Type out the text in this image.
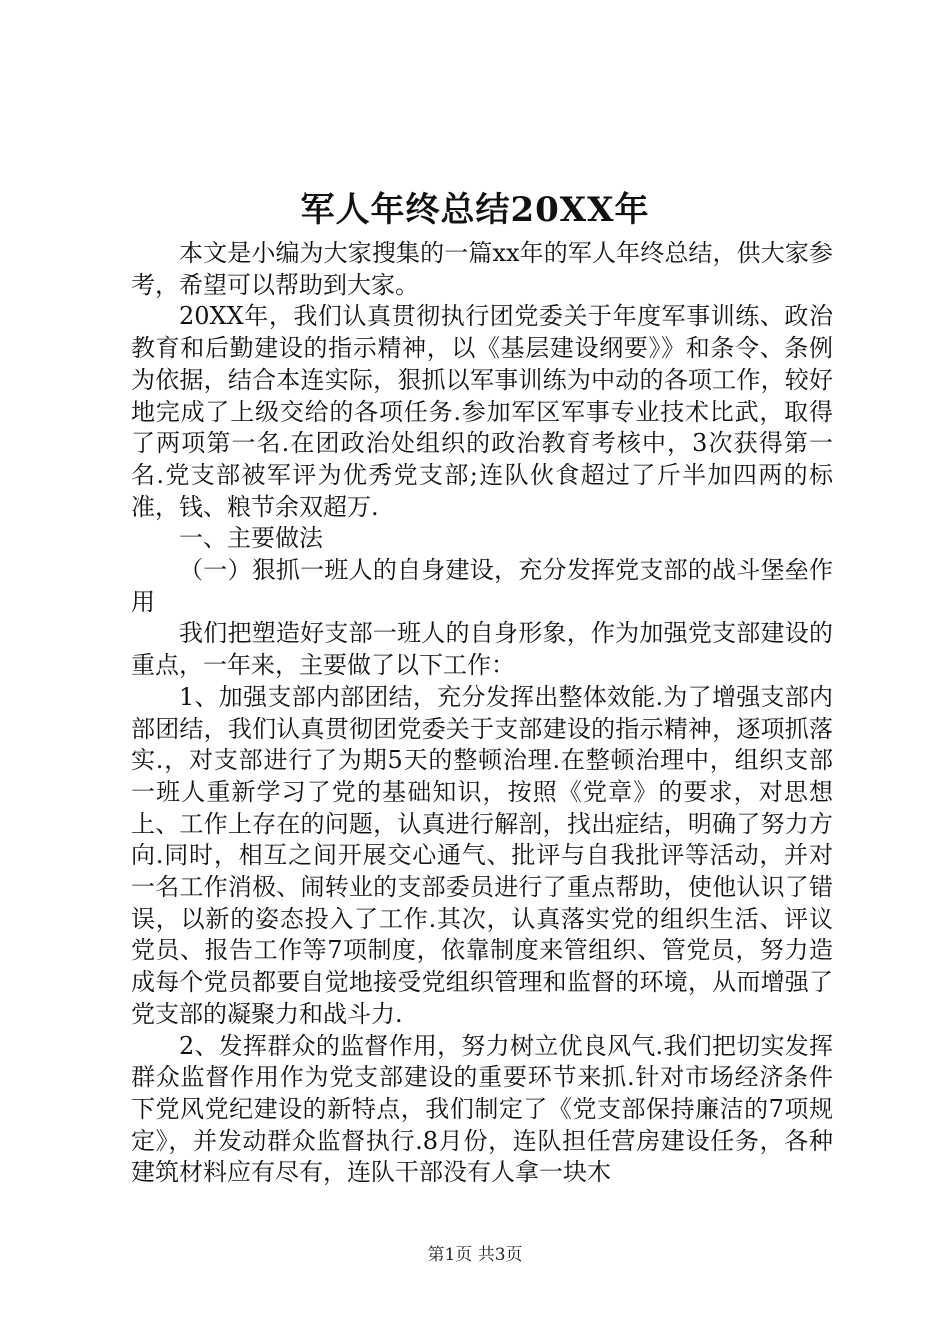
军人年终总结20XX年

本文是小编为大家搜集的一篇xx年的军人年终总结，供大家参考，希望可以帮助到大家。

20XX年，我们认真贯彻执行团党委关于年度军事训练、政治教育和后勤建设的指示精神，以《基层建设纲要》》和条令、条例为依据，结合本连实际，狠抓以军事训练为中动的各项工作，较好地完成了上级交给的各项任务.参加军区军事专业技术比武，取得了两项第一名.在团政治处组织的政治教育考核中，3次获得第一名.党支部被军评为优秀党支部;连队伙食超过了斤半加四两的标准，钱、粮节余双超万.

一、主要做法

（一）狠抓一班人的自身建设，充分发挥党支部的战斗堡垒作用

我们把塑造好支部一班人的自身形象，作为加强党支部建设的重点，一年来，主要做了以下工作：

1、加强支部内部团结，充分发挥出整体效能.为了增强支部内部团结，我们认真贯彻团党委关于支部建设的指示精神，逐项抓落实.，对支部进行了为期5天的整顿治理.在整顿治理中，组织支部一班人重新学习了党的基础知识，按照《党章》的要求，对思想上、工作上存在的问题，认真进行解剖，找出症结，明确了努力方向.同时，相互之间开展交心通气、批评与自我批评等活动，并对一名工作消极、闹转业的支部委员进行了重点帮助，使他认识了错误，以新的姿态投入了工作.其次，认真落实党的组织生活、评议党员、报告工作等7项制度，依靠制度来管组织、管党员，努力造成每个党员都要自觉地接受党组织管理和监督的环境，从而增强了党支部的凝聚力和战斗力.

2、发挥群众的监督作用，努力树立优良风气.我们把切实发挥群众监督作用作为党支部建设的重要环节来抓.针对市场经济条件下党风党纪建设的新特点，我们制定了《党支部保持廉洁的7项规定》，并发动群众监督执行.8月份，连队担任营房建设任务，各种建筑材料应有尽有，连队干部没有人拿一块木

第1页 共3页
